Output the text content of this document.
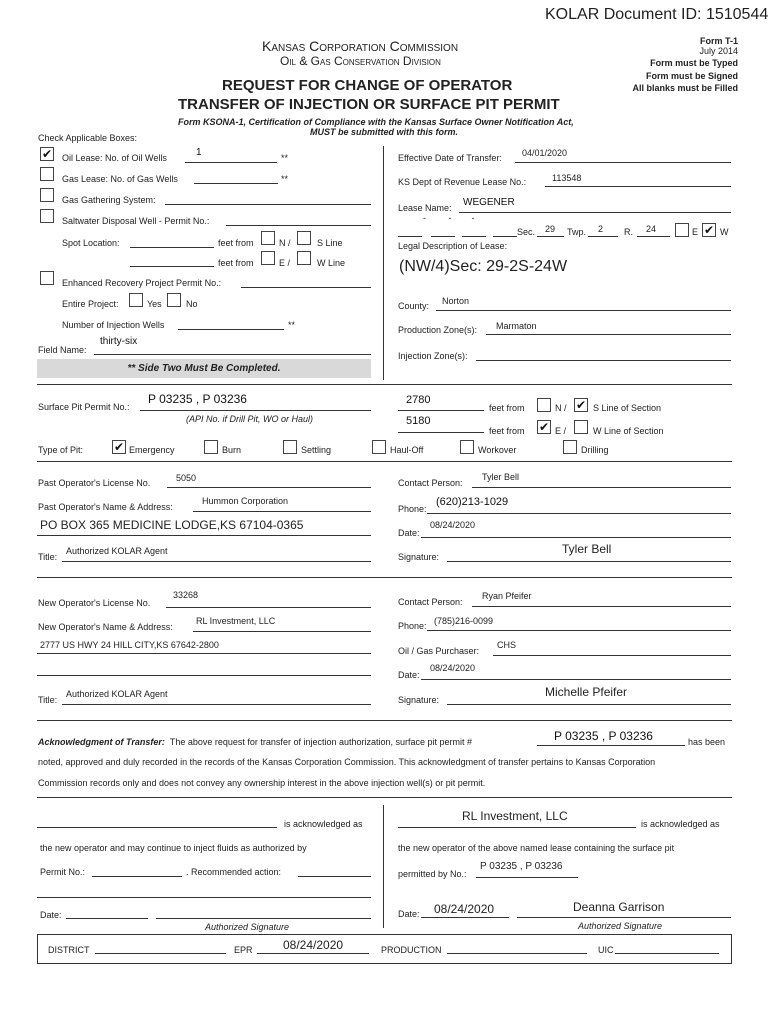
KOLAR Document ID: 1510544
Kansas Corporation Commission
Oil & Gas Conservation Division
REQUEST FOR CHANGE OF OPERATOR
TRANSFER OF INJECTION OR SURFACE PIT PERMIT
Form KSONA-1, Certification of Compliance with the Kansas Surface Owner Notification Act,
MUST be submitted with this form.
Form T-1
July 2014
Form must be Typed
Form must be Signed
All blanks must be Filled
Check Applicable Boxes:
✔ Oil Lease: No. of Oil Wells	1	**
Gas Lease: No. of Gas Wells	**
Gas Gathering System:
Saltwater Disposal Well - Permit No.:
Spot Location:	feet from	N /	S Line
feet from	E /	W Line
Enhanced Recovery Project Permit No.:
Entire Project:	Yes	No
Number of Injection Wells	**
Field Name:
thirty-six
** Side Two Must Be Completed.
Effective Date of Transfer: 04/01/2020
KS Dept of Revenue Lease No.:	113548
Lease Name: WEGENER
-         -        -
Sec. 29 Twp. 2 R. 24	E ✔ W
Legal Description of Lease:
(NW/4)Sec: 29-2S-24W
County: Norton
Production Zone(s): Marmaton
Injection Zone(s):
Surface Pit Permit No.:
P 03235 , P 03236
(API No. if Drill Pit, WO or Haul)
2780
feet from	N / ✔ S Line of Section
5180
feet from ✔ E /	W Line of Section
Type of Pit:	✔ Emergency	Burn	Settling	Haul-Off	Workover	Drilling
Past Operator's License No.	5050
Past Operator's Name & Address:
Hummon Corporation
PO BOX 365 MEDICINE LODGE,KS 67104-0365
Title:
Authorized KOLAR Agent
Contact Person:
Tyler Bell
Phone:
(620)213-1029
Date:
08/24/2020
Signature:
Tyler Bell
New Operator's License No.
33268
New Operator's Name & Address:
RL Investment, LLC
2777 US HWY 24 HILL CITY,KS 67642-2800
Title:
Authorized KOLAR Agent
Contact Person:
Ryan Pfeifer
Phone: (785)216-0099
Oil / Gas Purchaser:
CHS
Date:
08/24/2020
Signature:
Michelle Pfeifer
Acknowledgment of Transfer: The above request for transfer of injection authorization, surface pit permit #	P 03235 , P 03236	has been
noted, approved and duly recorded in the records of the Kansas Corporation Commission. This acknowledgment of transfer pertains to Kansas Corporation
Commission records only and does not convey any ownership interest in the above injection well(s) or pit permit.
is acknowledged as
the new operator and may continue to inject fluids as authorized by
Permit No.:	. Recommended action:
Date:
Authorized Signature
RL Investment, LLC
is acknowledged as
the new operator of the above named lease containing the surface pit
permitted by No.:
P 03235 , P 03236
Date: 08/24/2020	Deanna Garrison
Authorized Signature
DISTRICT	EPR	08/24/2020	PRODUCTION	UIC
